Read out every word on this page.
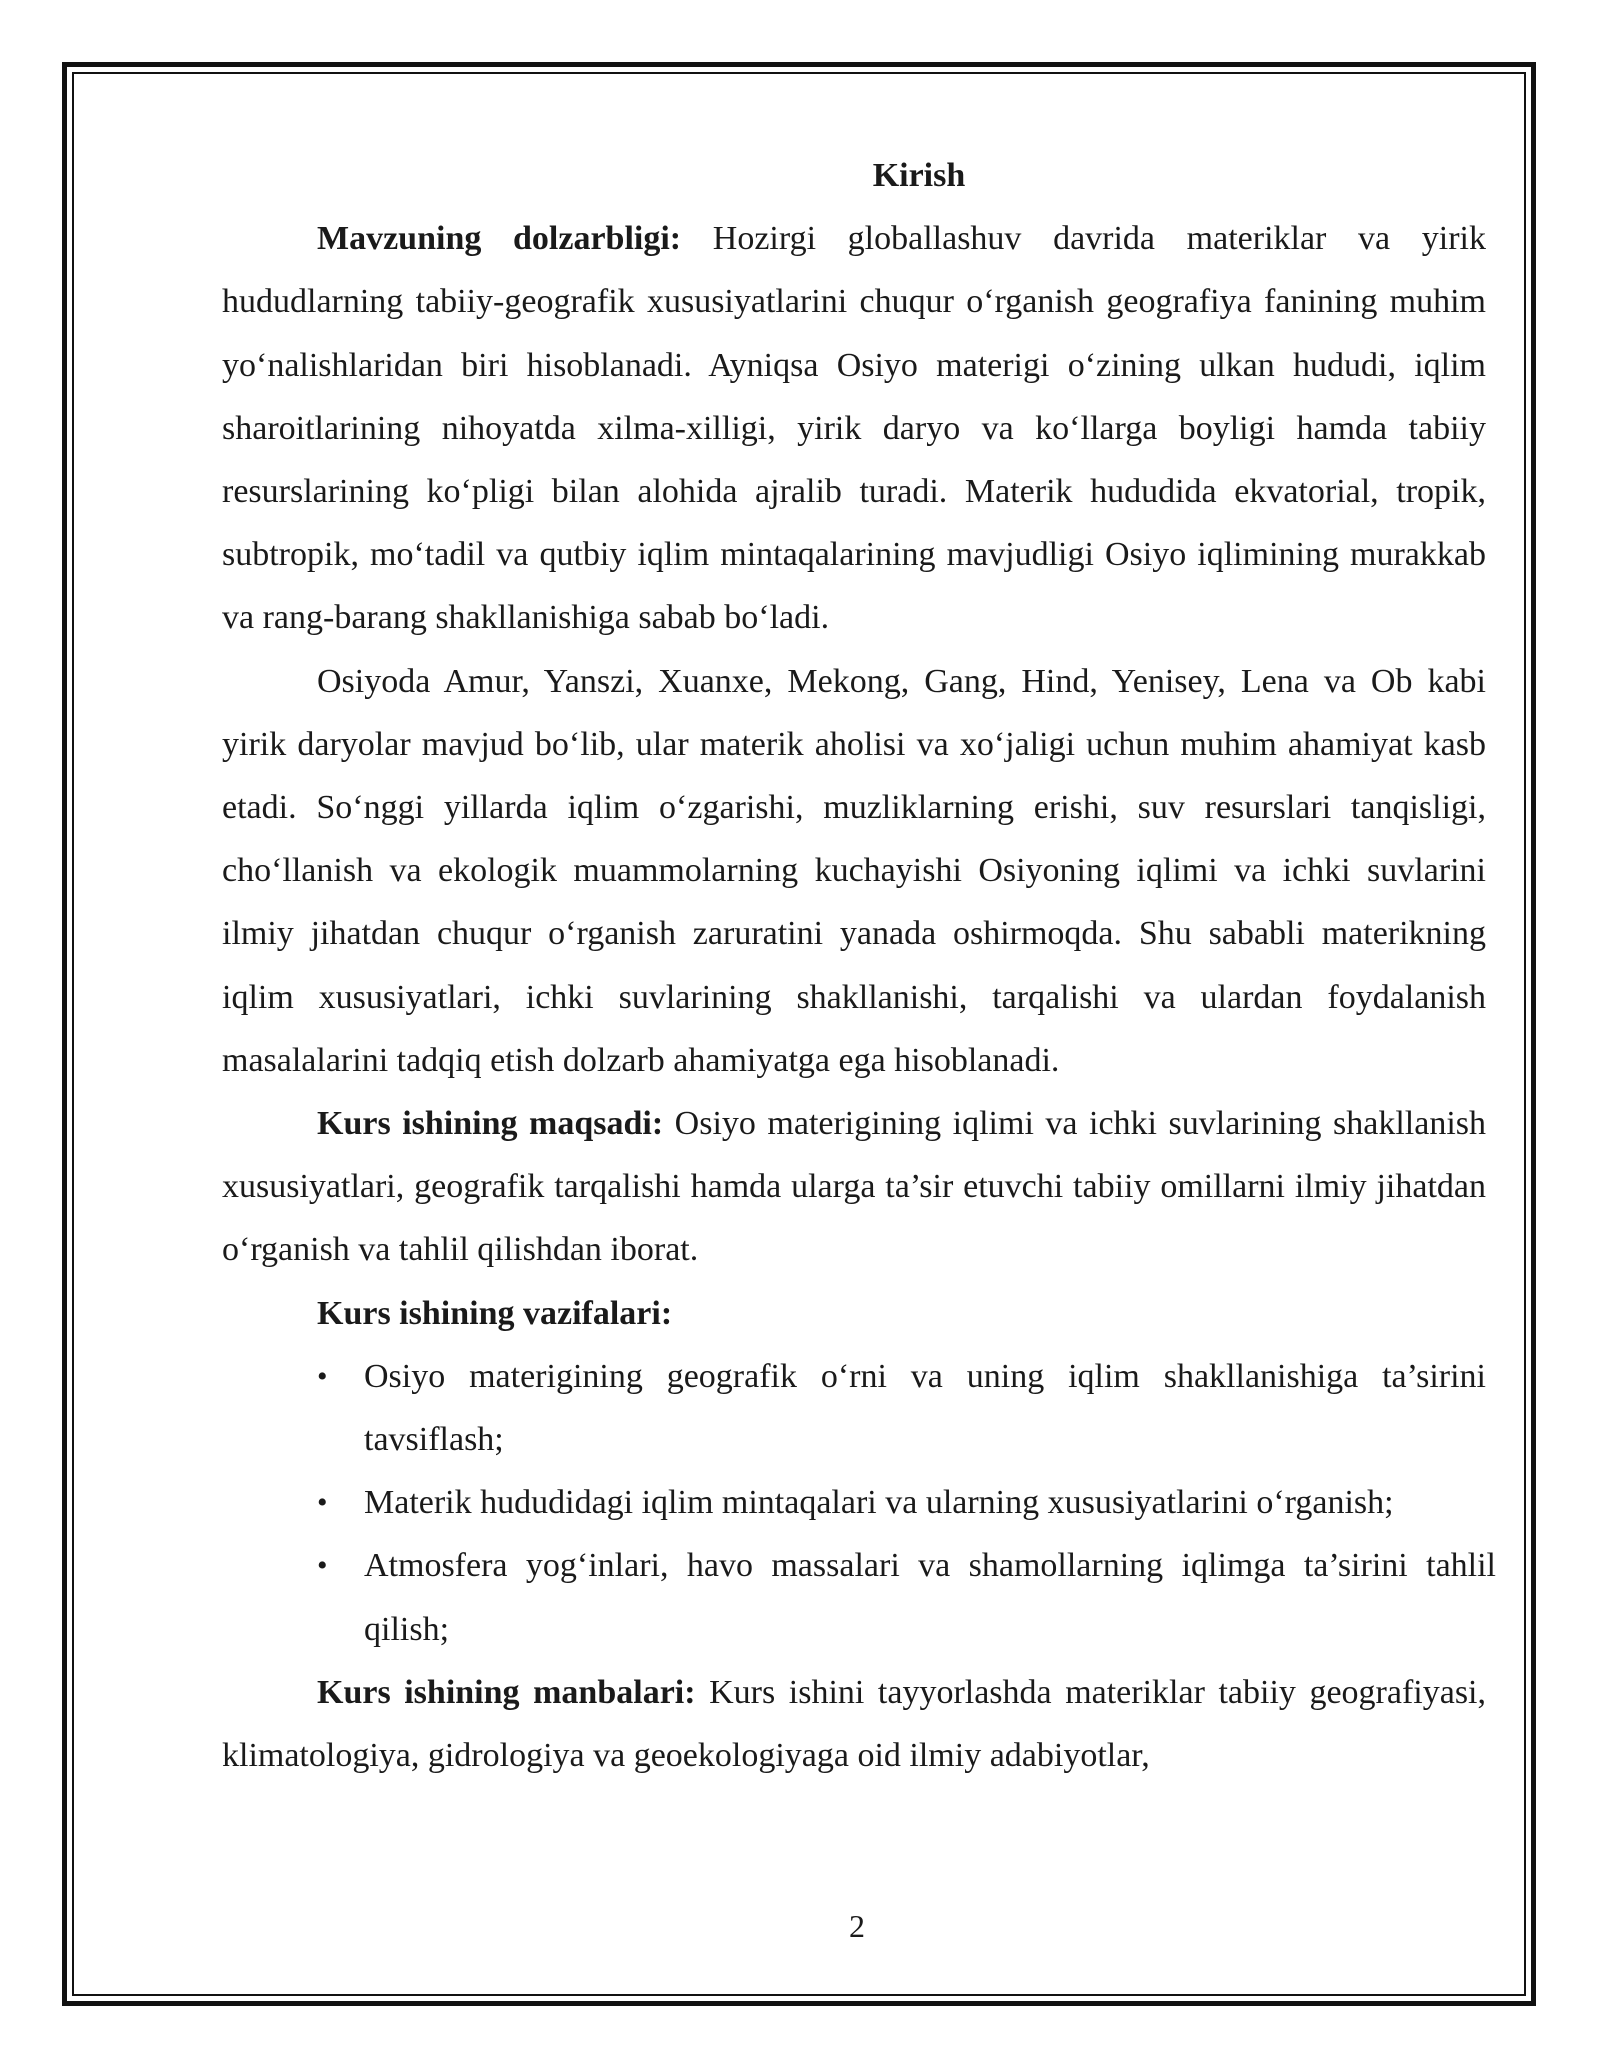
Kirish

Mavzuning dolzarbligi: Hozirgi globallashuv davrida materiklar va yirik hududlarning tabiiy-geografik xususiyatlarini chuqur o‘rganish geografiya fanining muhim yo‘nalishlaridan biri hisoblanadi. Ayniqsa Osiyo materigi o‘zining ulkan hududi, iqlim sharoitlarining nihoyatda xilma-xilligi, yirik daryo va ko‘llarga boyligi hamda tabiiy resurslarining ko‘pligi bilan alohida ajralib turadi. Materik hududida ekvatorial, tropik, subtropik, mo‘tadil va qutbiy iqlim mintaqalarining mavjudligi Osiyo iqlimining murakkab va rang-barang shakllanishiga sabab bo‘ladi.

Osiyoda Amur, Yanszi, Xuanxe, Mekong, Gang, Hind, Yenisey, Lena va Ob kabi yirik daryolar mavjud bo‘lib, ular materik aholisi va xo‘jaligi uchun muhim ahamiyat kasb etadi. So‘nggi yillarda iqlim o‘zgarishi, muzliklarning erishi, suv resurslari tanqisligi, cho‘llanish va ekologik muammolarning kuchayishi Osiyoning iqlimi va ichki suvlarini ilmiy jihatdan chuqur o‘rganish zaruratini yanada oshirmoqda. Shu sababli materikning iqlim xususiyatlari, ichki suvlarining shakllanishi, tarqalishi va ulardan foydalanish masalalarini tadqiq etish dolzarb ahamiyatga ega hisoblanadi.

Kurs ishining maqsadi: Osiyo materigining iqlimi va ichki suvlarining shakllanish xususiyatlari, geografik tarqalishi hamda ularga ta’sir etuvchi tabiiy omillarni ilmiy jihatdan o‘rganish va tahlil qilishdan iborat.

Kurs ishining vazifalari:

• Osiyo materigining geografik o‘rni va uning iqlim shakllanishiga ta’sirini tavsiflash;
• Materik hududidagi iqlim mintaqalari va ularning xususiyatlarini o‘rganish;
• Atmosfera yog‘inlari, havo massalari va shamollarning iqlimga ta’sirini tahlil qilish;

Kurs ishining manbalari: Kurs ishini tayyorlashda materiklar tabiiy geografiyasi, klimatologiya, gidrologiya va geoekologiyaga oid ilmiy adabiyotlar,

2
